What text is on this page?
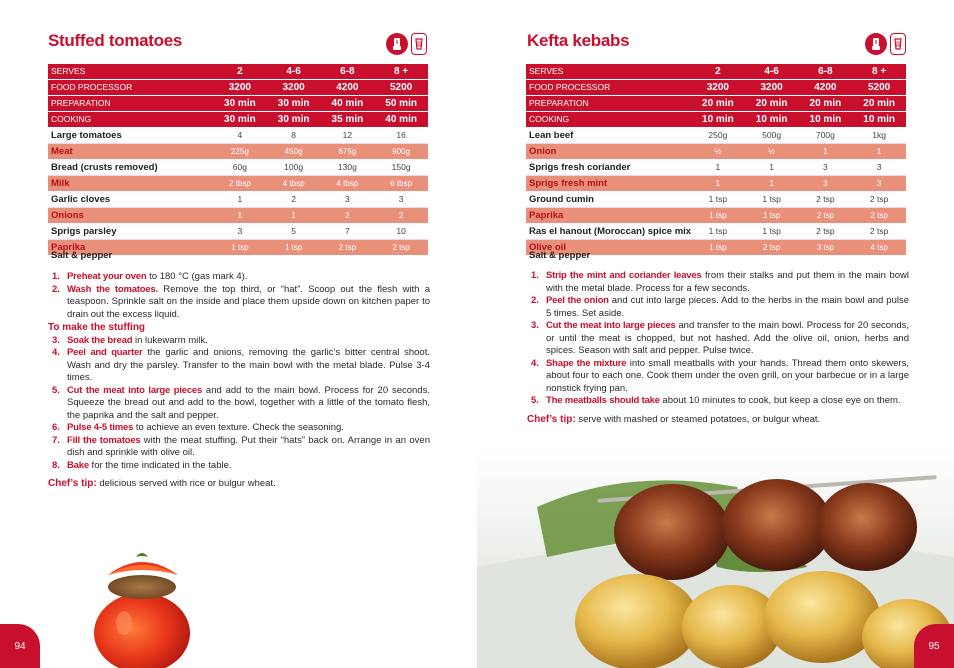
Stuffed tomatoes
SERVES	2	4-6	6-8	8 +
FOOD PROCESSOR	3200	3200	4200	5200
PREPARATION	30 min	30 min	40 min	50 min
COOKING	30 min	30 min	35 min	40 min
Large tomatoes	4	8	12	16
Meat	225g	450g	675g	900g
Bread (crusts removed)	60g	100g	130g	150g
Milk	2 tbsp	4 tbsp	4 tbsp	6 tbsp
Garlic cloves	1	2	3	3
Onions	1	1	2	2
Sprigs parsley	3	5	7	10
Paprika	1 tsp	1 tsp	2 tsp	2 tsp
Salt & pepper
1. Preheat your oven to 180 °C (gas mark 4).
2. Wash the tomatoes. Remove the top third, or “hat”. Scoop out the flesh with a teaspoon. Sprinkle salt on the inside and place them upside down on kitchen paper to drain out the excess liquid.
To make the stuffing
3. Soak the bread in lukewarm milk.
4. Peel and quarter the garlic and onions, removing the garlic’s bitter central shoot. Wash and dry the parsley. Transfer to the main bowl with the metal blade. Pulse 3-4 times.
5. Cut the meat into large pieces and add to the main bowl. Process for 20 seconds. Squeeze the bread out and add to the bowl, together with a little of the tomato flesh, the paprika and the salt and pepper.
6. Pulse 4-5 times to achieve an even texture. Check the seasoning.
7. Fill the tomatoes with the meat stuffing. Put their “hats” back on. Arrange in an oven dish and sprinkle with olive oil.
8. Bake for the time indicated in the table.
Chef’s tip: delicious served with rice or bulgur wheat.
94
Kefta kebabs
SERVES	2	4-6	6-8	8 +
FOOD PROCESSOR	3200	3200	4200	5200
PREPARATION	20 min	20 min	20 min	20 min
COOKING	10 min	10 min	10 min	10 min
Lean beef	250g	500g	700g	1kg
Onion	½	½	1	1
Sprigs fresh coriander	1	1	3	3
Sprigs fresh mint	1	1	3	3
Ground cumin	1 tsp	1 tsp	2 tsp	2 tsp
Paprika	1 tsp	1 tsp	2 tsp	2 tsp
Ras el hanout (Moroccan) spice mix	1 tsp	1 tsp	2 tsp	2 tsp
Olive oil	1 tsp	2 tsp	3 tsp	4 tsp
Salt & pepper
1. Strip the mint and coriander leaves from their stalks and put them in the main bowl with the metal blade. Process for a few seconds.
2. Peel the onion and cut into large pieces. Add to the herbs in the main bowl and pulse 5 times. Set aside.
3. Cut the meat into large pieces and transfer to the main bowl. Process for 20 seconds, or until the meat is chopped, but not hashed. Add the olive oil, onion, herbs and spices. Season with salt and pepper. Pulse twice.
4. Shape the mixture into small meatballs with your hands. Thread them onto skewers, about four to each one. Cook them under the oven grill, on your barbecue or in a large nonstick frying pan.
5. The meatballs should take about 10 minutes to cook, but keep a close eye on them.
Chef’s tip: serve with mashed or steamed potatoes, or bulgur wheat.
95
